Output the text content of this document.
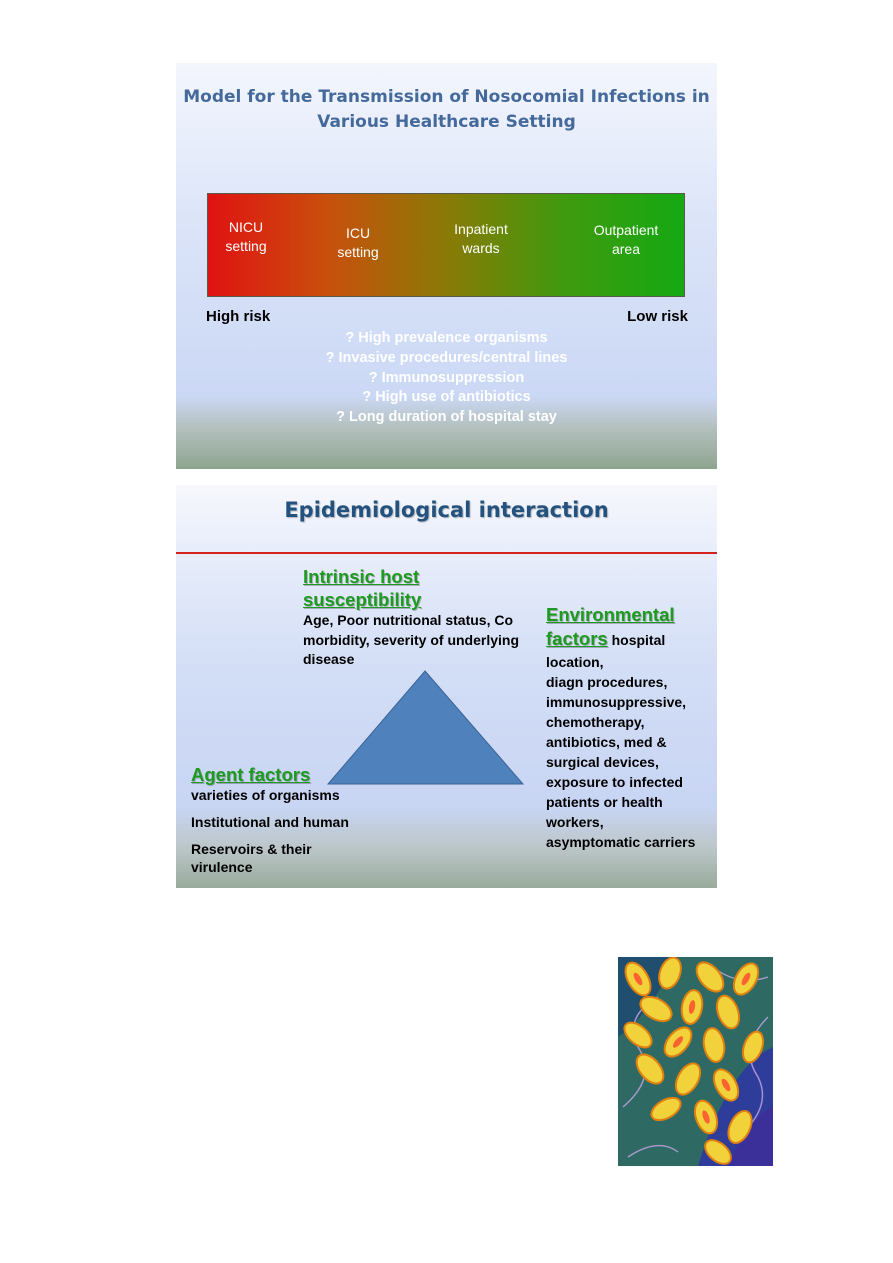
Model for the Transmission of Nosocomial Infections in
Various Healthcare Setting
NICU
setting
ICU
setting
Inpatient
wards
Outpatient
area
High risk	Low risk
? High prevalence organisms
? Invasive procedures/central lines
? Immunosuppression
? High use of antibiotics
? Long duration of hospital stay
Epidemiological interaction
Intrinsic host
susceptibility
Age, Poor nutritional status, Co
morbidity, severity of underlying
disease
Environmental
factors hospital
location,
diagn procedures,
immunosuppressive,
chemotherapy,
antibiotics, med &
surgical devices,
exposure to infected
patients or health
workers,
asymptomatic carriers
Agent factors
varieties of organisms
Institutional and human
Reservoirs & their
virulence
